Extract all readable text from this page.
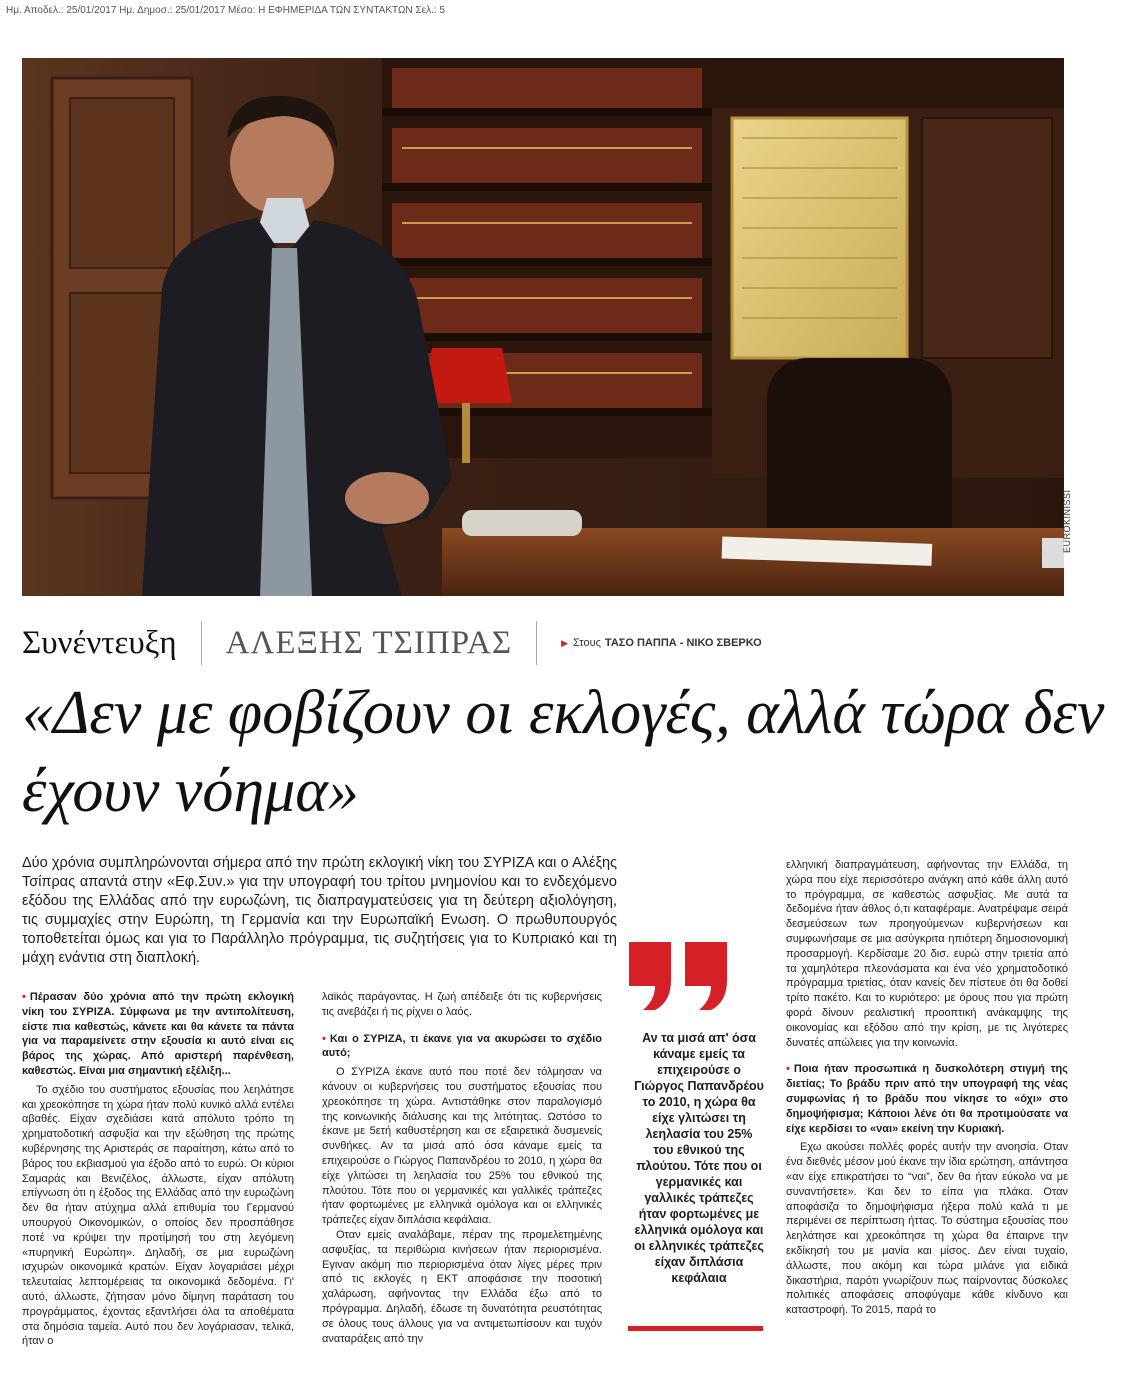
Ημ. Αποδελ.: 25/01/2017 Ημ. Δημοσ.: 25/01/2017 Μέσο: Η ΕΦΗΜΕΡΙΔΑ ΤΩΝ ΣΥΝΤΑΚΤΩΝ Σελ.: 5
EUROKINISSI
Συνέντευξη ΑΛΕΞΗΣ ΤΣΙΠΡΑΣ	▶ Στους ΤΑΣΟ ΠΑΠΠΑ - ΝΙΚΟ ΣΒΕΡΚΟ
«Δεν με φοβίζουν οι εκλογές, αλλά τώρα δεν έχουν νόημα»

Δύο χρόνια συμπληρώνονται σήμερα από την πρώτη εκλογική νίκη του ΣΥΡΙΖΑ και ο Αλέξης Τσίπρας απαντά στην «Εφ.Συν.» για την υπογραφή του τρίτου μνημονίου και το ενδεχόμενο εξόδου της Ελλάδας από την ευρωζώνη, τις διαπραγματεύσεις για τη δεύτερη αξιολόγηση, τις συμμαχίες στην Ευρώπη, τη Γερμανία και την Ευρωπαϊκή Ενωση. Ο πρωθυπουργός τοποθετείται όμως και για το Παράλληλο πρόγραμμα, τις συζητήσεις για το Κυπριακό και τη μάχη ενάντια στη διαπλοκή.

• Πέρασαν δύο χρόνια από την πρώτη εκλογική νίκη του ΣΥΡΙΖΑ. Σύμφωνα με την αντιπολίτευση, είστε πια καθεστώς, κάνετε και θα κάνετε τα πάντα για να παραμείνετε στην εξουσία κι αυτό είναι εις βάρος της χώρας. Από αριστερή παρένθεση, καθεστώς. Είναι μια σημαντική εξέλιξη...

Το σχέδιο του συστήματος εξουσίας που λεηλάτησε και χρεοκόπησε τη χώρα ήταν πολύ κυνικό αλλά εντέλει αβαθές. Είχαν σχεδιάσει κατά απόλυτο τρόπο τη χρηματοδοτική ασφυξία και την εξώθηση της πρώτης κυβέρνησης της Αριστεράς σε παραίτηση, κάτω από το βάρος του εκβιασμού για έξοδο από το ευρώ. Οι κύριοι Σαμαράς και Βενιζέλος, άλλωστε, είχαν απόλυτη επίγνωση ότι η έξοδος της Ελλάδας από την ευρωζώνη δεν θα ήταν ατύχημα αλλά επιθυμία του Γερμανού υπουργού Οικονομικών, ο οποίος δεν προσπάθησε ποτέ να κρύψει την προτίμησή του στη λεγόμενη «πυρηνική Ευρώπη». Δηλαδή, σε μια ευρωζώνη ισχυρών οικονομικά κρατών. Είχαν λογαριάσει μέχρι τελευταίας λεπτομέρειας τα οικονομικά δεδομένα. Γι' αυτό, άλλωστε, ζήτησαν μόνο δίμηνη παράταση του προγράμματος, έχοντας εξαντλήσει όλα τα αποθέματα στα δημόσια ταμεία. Αυτό που δεν λογάριασαν, τελικά, ήταν ο

λαϊκός παράγοντας. Η ζωή απέδειξε ότι τις κυβερνήσεις τις ανεβάζει ή τις ρίχνει ο λαός.

• Και ο ΣΥΡΙΖΑ, τι έκανε για να ακυρώσει το σχέδιο αυτό;

Ο ΣΥΡΙΖΑ έκανε αυτό που ποτέ δεν τόλμησαν να κάνουν οι κυβερνήσεις του συστήματος εξουσίας που χρεοκόπησε τη χώρα. Αντιστάθηκε στον παραλογισμό της κοινωνικής διάλυσης και της λιτότητας. Ωστόσο το έκανε με 5ετή καθυστέρηση και σε εξαιρετικά δυσμενείς συνθήκες. Αν τα μισά από όσα κάναμε εμείς τα επιχειρούσε ο Γιώργος Παπανδρέου το 2010, η χώρα θα είχε γλιτώσει τη λεηλασία του 25% του εθνικού της πλούτου. Τότε που οι γερμανικές και γαλλικές τράπεζες ήταν φορτωμένες με ελληνικά ομόλογα και οι ελληνικές τράπεζες είχαν διπλάσια κεφάλαια.

Οταν εμείς αναλάβαμε, πέραν της προμελετημένης ασφυξίας, τα περιθώρια κινήσεων ήταν περιορισμένα. Εγιναν ακόμη πιο περιορισμένα όταν λίγες μέρες πριν από τις εκλογές η ΕΚΤ αποφάσισε την ποσοτική χαλάρωση, αφήνοντας την Ελλάδα έξω από το πρόγραμμα. Δηλαδή, έδωσε τη δυνατότητα ρευστότητας σε όλους τους άλλους για να αντιμετωπίσουν και τυχόν αναταράξεις από την

Αν τα μισά απ' όσα κάναμε εμείς τα επιχειρούσε ο Γιώργος Παπανδρέου το 2010, η χώρα θα είχε γλιτώσει τη λεηλασία του 25% του εθνικού της πλούτου. Τότε που οι γερμανικές και γαλλικές τράπεζες ήταν φορτωμένες με ελληνικά ομόλογα και οι ελληνικές τράπεζες είχαν διπλάσια κεφάλαια

ελληνική διαπραγμάτευση, αφήνοντας την Ελλάδα, τη χώρα που είχε περισσότερο ανάγκη από κάθε άλλη αυτό το πρόγραμμα, σε καθεστώς ασφυξίας. Με αυτά τα δεδομένα ήταν άθλος ό,τι καταφέραμε. Ανατρέψαμε σειρά δεσμεύσεων των προηγούμενων κυβερνήσεων και συμφωνήσαμε σε μια ασύγκριτα ηπιότερη δημοσιονομική προσαρμογή. Κερδίσαμε 20 δισ. ευρώ στην τριετία από τα χαμηλότερα πλεονάσματα και ένα νέο χρηματοδοτικό πρόγραμμα τριετίας, όταν κανείς δεν πίστευε ότι θα δοθεί τρίτο πακέτο. Και το κυριότερο: με όρους που για πρώτη φορά δίνουν ρεαλιστική προοπτική ανάκαμψης της οικονομίας και εξόδου από την κρίση, με τις λιγότερες δυνατές απώλειες για την κοινωνία.

• Ποια ήταν προσωπικά η δυσκολότερη στιγμή της διετίας; Το βράδυ πριν από την υπογραφή της νέας συμφωνίας ή το βράδυ που νίκησε το «όχι» στο δημοψήφισμα; Κάποιοι λένε ότι θα προτιμούσατε να είχε κερδίσει το «ναι» εκείνη την Κυριακή.

Εχω ακούσει πολλές φορές αυτήν την ανοησία. Οταν ένα διεθνές μέσον μού έκανε την ίδια ερώτηση, απάντησα «αν είχε επικρατήσει το “ναι”, δεν θα ήταν εύκολο να με συναντήσετε». Και δεν το είπα για πλάκα. Οταν αποφάσιζα το δημοψήφισμα ήξερα πολύ καλά τι με περιμένει σε περίπτωση ήττας. Το σύστημα εξουσίας που λεηλάτησε και χρεοκόπησε τη χώρα θα έπαιρνε την εκδίκησή του με μανία και μίσος. Δεν είναι τυχαίο, άλλωστε, που ακόμη και τώρα μιλάνε για ειδικά δικαστήρια, παρότι γνωρίζουν πως παίρνοντας δύσκολες πολιτικές αποφάσεις αποφύγαμε κάθε κίνδυνο και καταστροφή. Το 2015, παρά το
